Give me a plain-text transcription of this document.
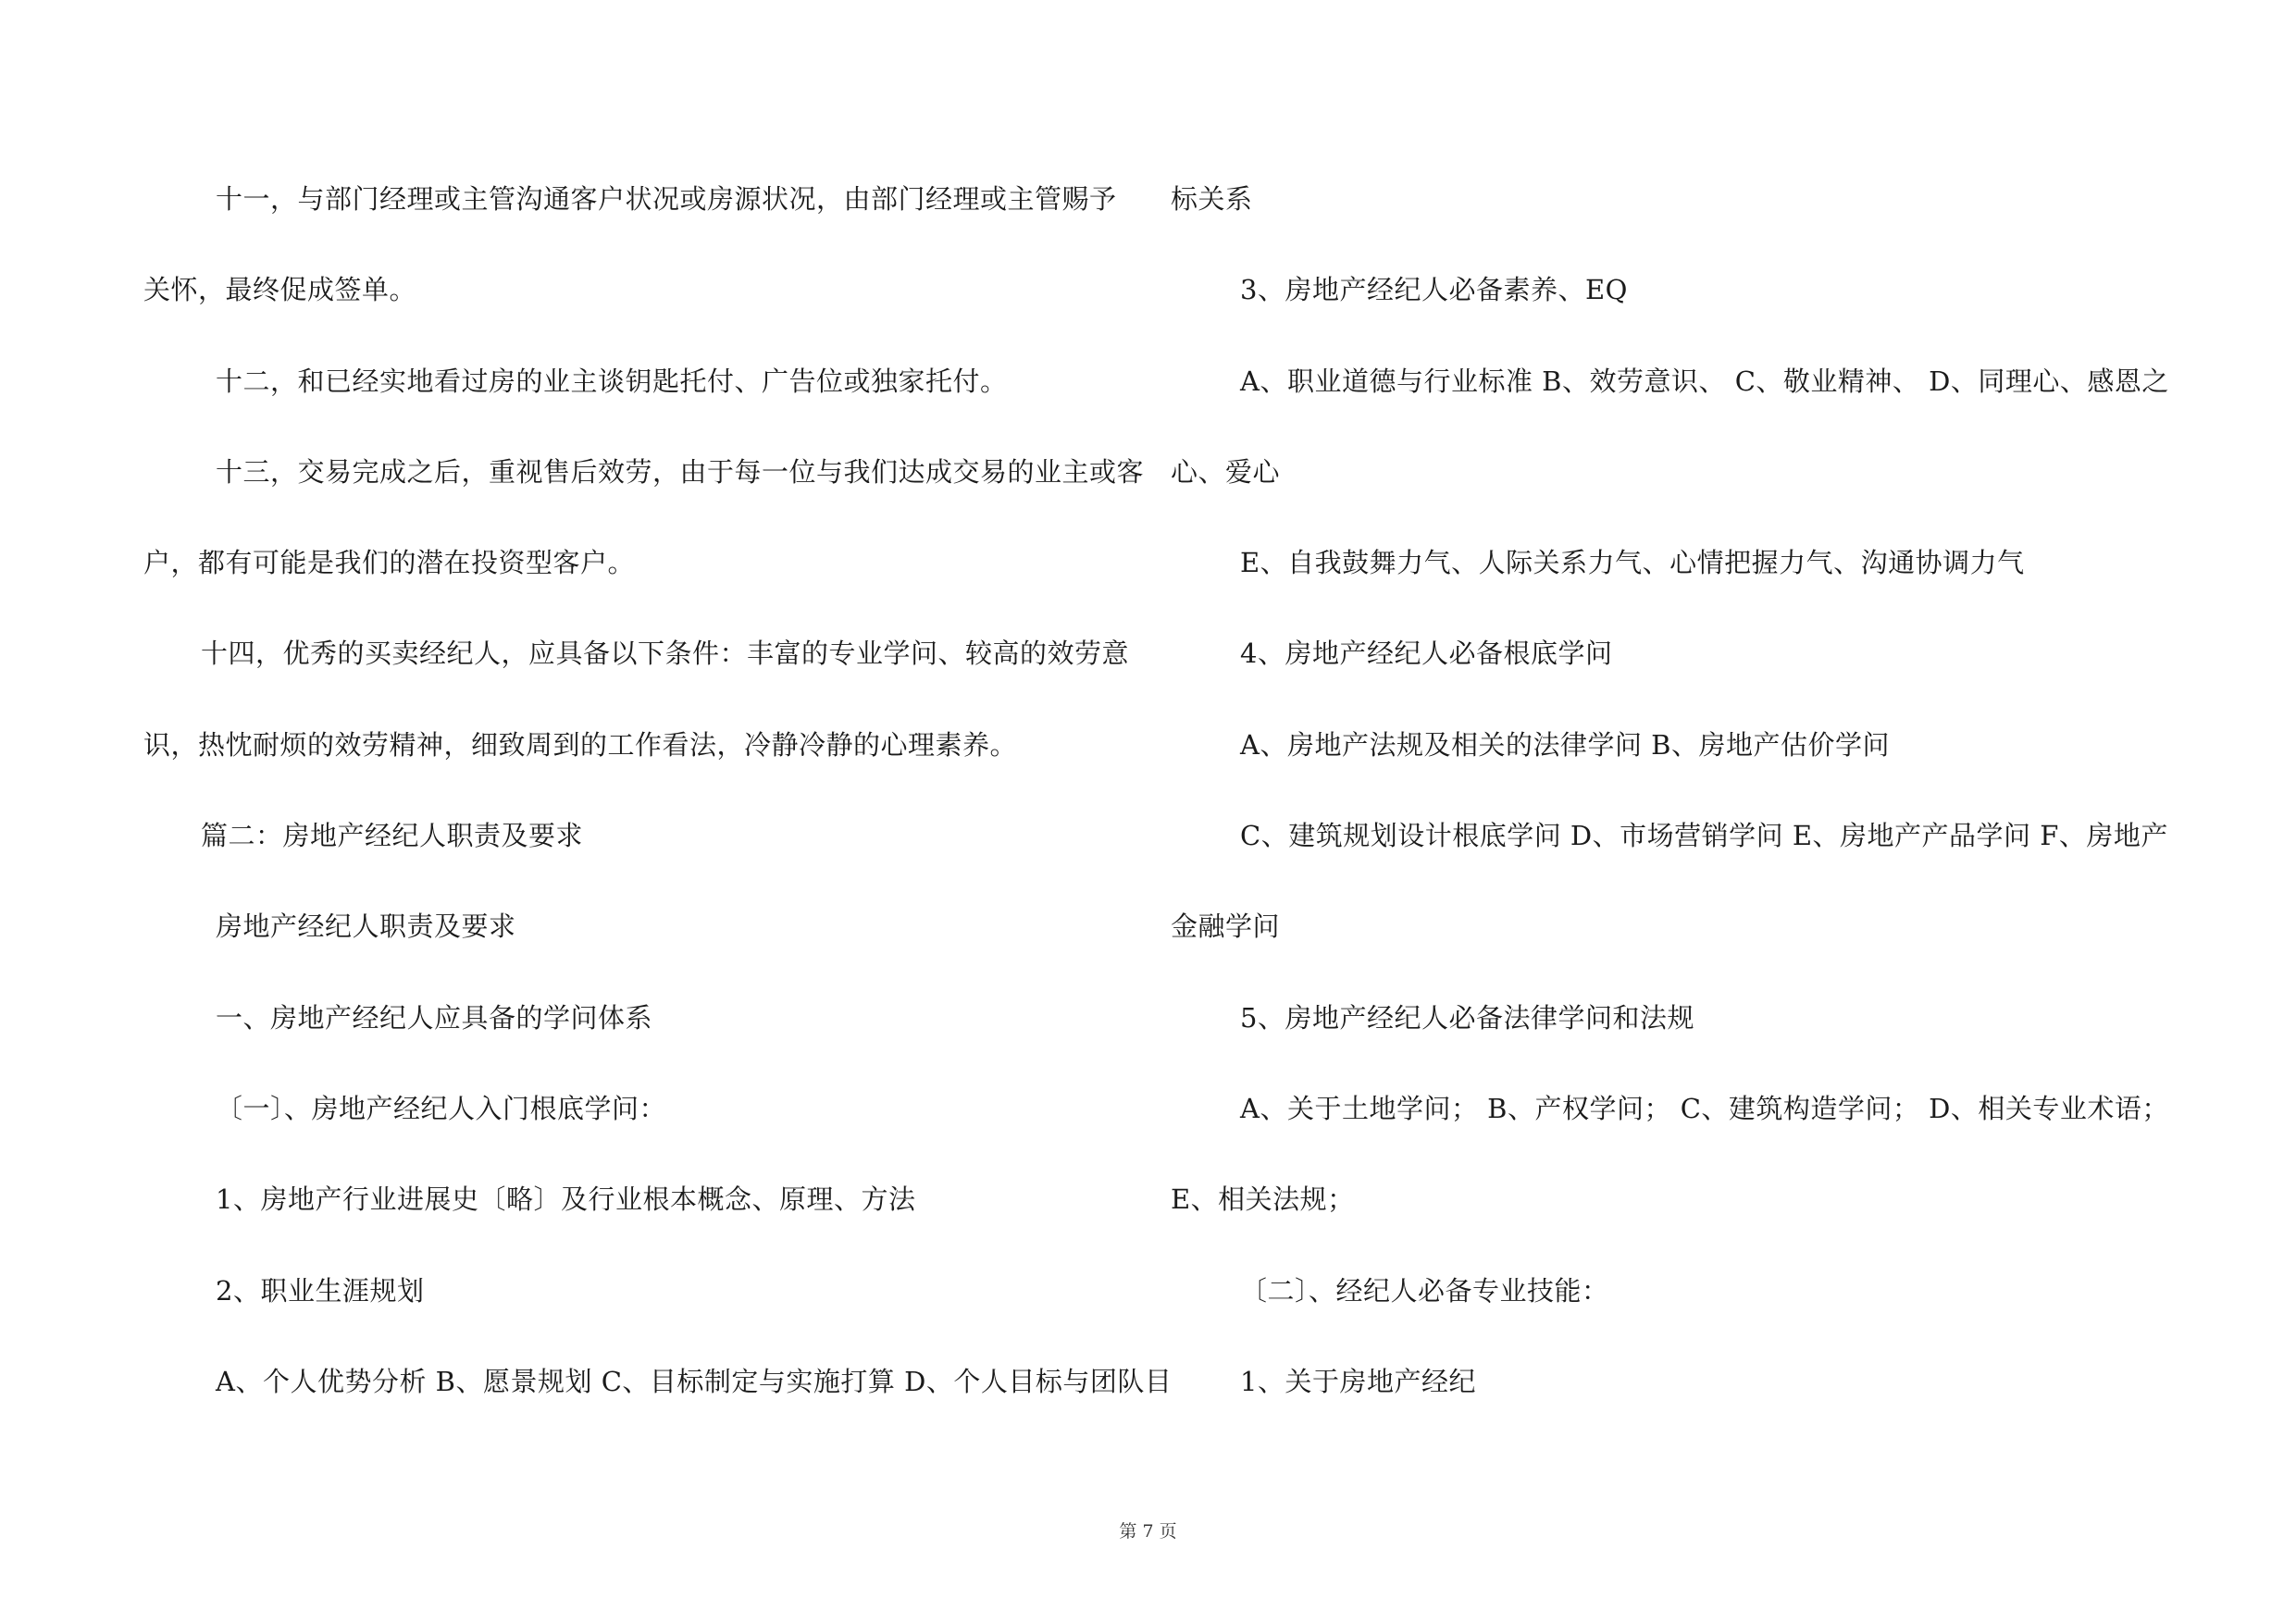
十一，与部门经理或主管沟通客户状况或房源状况，由部门经理或主管赐予
关怀，最终促成签单。
十二，和已经实地看过房的业主谈钥匙托付、广告位或独家托付。
十三，交易完成之后，重视售后效劳，由于每一位与我们达成交易的业主或客
户，都有可能是我们的潜在投资型客户。
十四，优秀的买卖经纪人，应具备以下条件：丰富的专业学问、较高的效劳意
识，热忱耐烦的效劳精神，细致周到的工作看法，冷静冷静的心理素养。
篇二：房地产经纪人职责及要求
房地产经纪人职责及要求
一、房地产经纪人应具备的学问体系
〔一〕、房地产经纪人入门根底学问：
1、房地产行业进展史〔略〕及行业根本概念、原理、方法
2、职业生涯规划
A、个人优势分析 B、愿景规划 C、目标制定与实施打算 D、个人目标与团队目
标关系
3、房地产经纪人必备素养、EQ
A、职业道德与行业标准 B、效劳意识、 C、敬业精神、 D、同理心、感恩之
心、爱心
E、自我鼓舞力气、人际关系力气、心情把握力气、沟通协调力气
4、房地产经纪人必备根底学问
A、房地产法规及相关的法律学问 B、房地产估价学问
C、建筑规划设计根底学问 D、市场营销学问 E、房地产产品学问 F、房地产
金融学问
5、房地产经纪人必备法律学问和法规
A、关于土地学问； B、产权学问； C、建筑构造学问； D、相关专业术语；
E、相关法规；
〔二〕、经纪人必备专业技能：
1、关于房地产经纪
第 7 页
